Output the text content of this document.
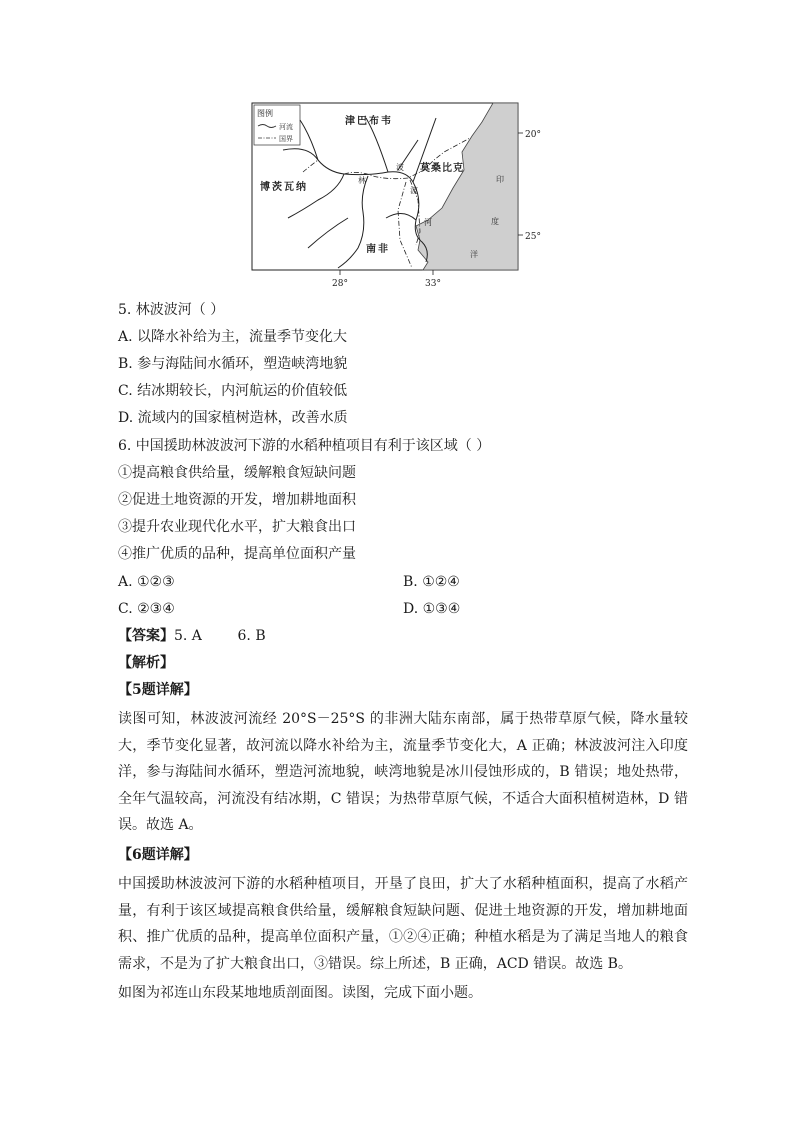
图例
河流
国界
津巴布韦
博茨瓦纳
莫桑比克
南非
林
波
波
河
印
度
洋
20°
25°
28°	33°
5. 林波波河（ ）
A. 以降水补给为主，流量季节变化大
B. 参与海陆间水循环，塑造峡湾地貌
C. 结冰期较长，内河航运的价值较低
D. 流域内的国家植树造林，改善水质
6. 中国援助林波波河下游的水稻种植项目有利于该区域（ ）
①提高粮食供给量，缓解粮食短缺问题
②促进土地资源的开发，增加耕地面积
③提升农业现代化水平，扩大粮食出口
④推广优质的品种，提高单位面积产量
A. ①②③	B. ①②④
C. ②③④	D. ①③④
【答案】5. A        6. B
【解析】
【5题详解】

读图可知，林波波河流经 20°S－25°S 的非洲大陆东南部，属于热带草原气候，降水量较大，季节变化显著，故河流以降水补给为主，流量季节变化大，A 正确；林波波河注入印度洋，参与海陆间水循环，塑造河流地貌，峡湾地貌是冰川侵蚀形成的，B 错误；地处热带，全年气温较高，河流没有结冰期，C 错误；为热带草原气候，不适合大面积植树造林，D 错误。故选 A。

【6题详解】

中国援助林波波河下游的水稻种植项目，开垦了良田，扩大了水稻种植面积，提高了水稻产量，有利于该区域提高粮食供给量，缓解粮食短缺问题、促进土地资源的开发，增加耕地面积、推广优质的品种，提高单位面积产量，①②④正确；种植水稻是为了满足当地人的粮食需求，不是为了扩大粮食出口，③错误。综上所述，B 正确，ACD 错误。故选 B。

如图为祁连山东段某地地质剖面图。读图，完成下面小题。
